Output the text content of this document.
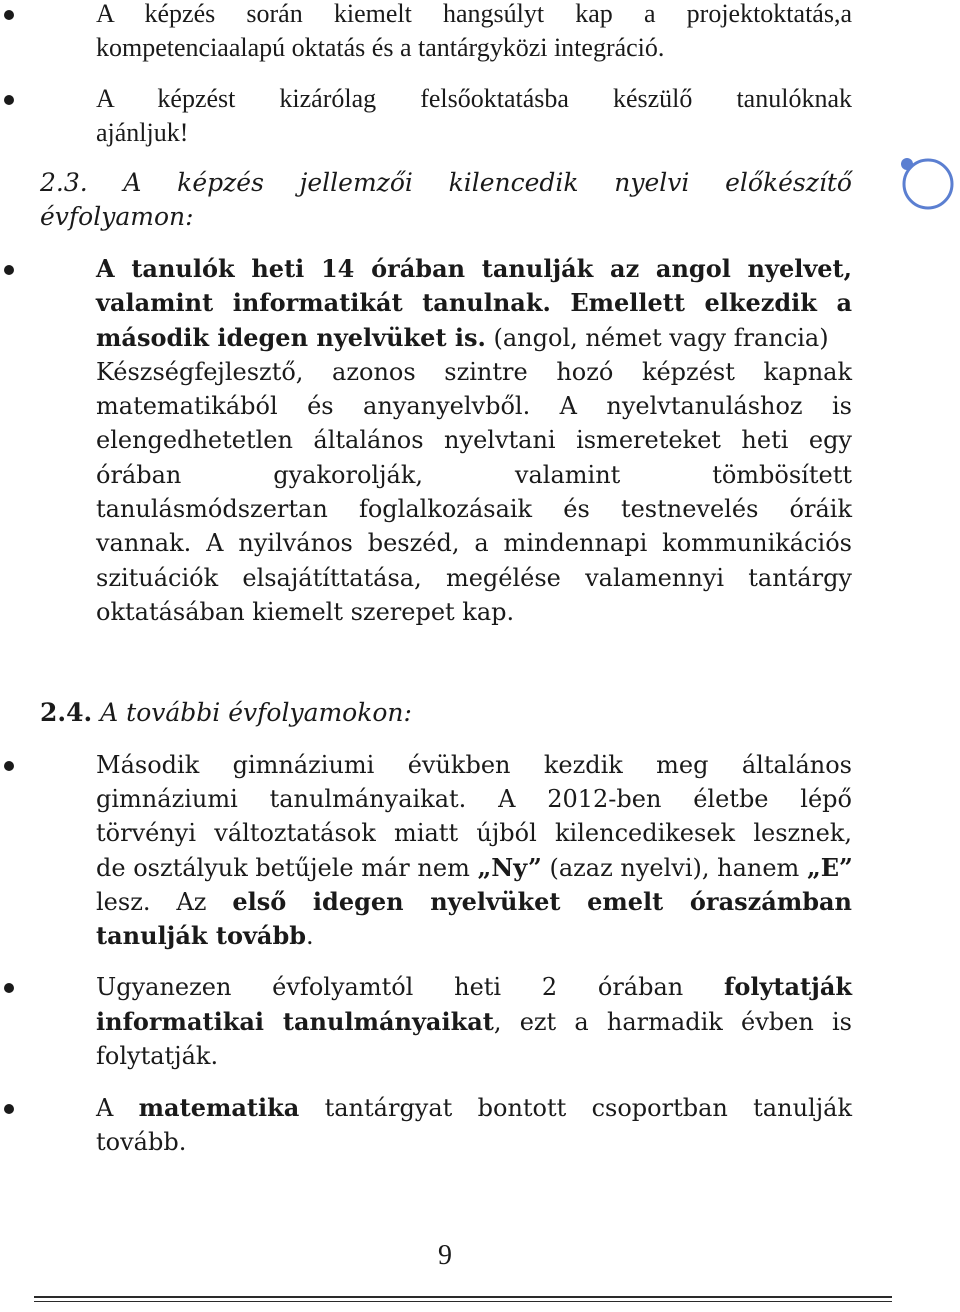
A képzés során kiemelt hangsúlyt kap a projektoktatás,a
kompetenciaalapú oktatás és a tantárgyközi integráció.
A képzést kizárólag felsőoktatásba készülő tanulóknak
ajánljuk!
2.3. A képzés jellemzői kilencedik nyelvi előkészítő
évfolyamon:
A tanulók heti 14 órában tanulják az angol nyelvet,
valamint informatikát tanulnak. Emellett elkezdik a
második idegen nyelvüket is. (angol, német vagy francia)
Készségfejlesztő, azonos szintre hozó képzést kapnak
matematikából és anyanyelvből. A nyelvtanuláshoz is
elengedhetetlen általános nyelvtani ismereteket heti egy
órában gyakorolják, valamint tömbösített
tanulásmódszertan foglalkozásaik és testnevelés óráik
vannak. A nyilvános beszéd, a mindennapi kommunikációs
szituációk elsajátíttatása, megélése valamennyi tantárgy
oktatásában kiemelt szerepet kap.
2.4. A további évfolyamokon:
Második gimnáziumi évükben kezdik meg általános
gimnáziumi tanulmányaikat. A 2012-ben életbe lépő
törvényi változtatások miatt újból kilencedikesek lesznek,
de osztályuk betűjele már nem „Ny” (azaz nyelvi), hanem „E”
lesz. Az első idegen nyelvüket emelt óraszámban
tanulják tovább.
Ugyanezen évfolyamtól heti 2 órában folytatják
informatikai tanulmányaikat, ezt a harmadik évben is
folytatják.
A matematika tantárgyat bontott csoportban tanulják
tovább.
9
